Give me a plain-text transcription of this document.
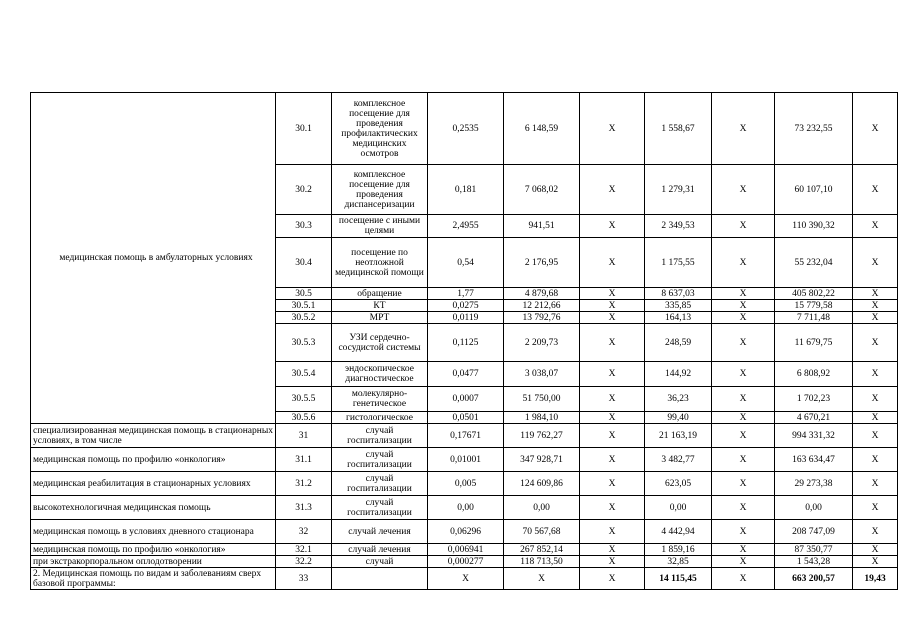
медицинская помощь в амбулаторных условиях	30.1	комплексное посещение для проведения профилактических медицинских осмотров	0,2535	6 148,59	X	1 558,67	X	73 232,55	X
	30.2	комплексное посещение для проведения диспансеризации	0,181	7 068,02	X	1 279,31	X	60 107,10	X
	30.3	посещение с иными целями	2,4955	941,51	X	2 349,53	X	110 390,32	X
	30.4	посещение по неотложной медицинской помощи	0,54	2 176,95	X	1 175,55	X	55 232,04	X
	30.5	обращение	1,77	4 879,68	X	8 637,03	X	405 802,22	X
	30.5.1	КТ	0,0275	12 212,66	X	335,85	X	15 779,58	X
	30.5.2	МРТ	0,0119	13 792,76	X	164,13	X	7 711,48	X
	30.5.3	УЗИ сердечно-сосудистой системы	0,1125	2 209,73	X	248,59	X	11 679,75	X
	30.5.4	эндоскопическое диагностическое	0,0477	3 038,07	X	144,92	X	6 808,92	X
	30.5.5	молекулярно-генетическое	0,0007	51 750,00	X	36,23	X	1 702,23	X
	30.5.6	гистологическое	0,0501	1 984,10	X	99,40	X	4 670,21	X
специализированная медицинская помощь в стационарных условиях, в том числе	31	случай госпитализации	0,17671	119 762,27	X	21 163,19	X	994 331,32	X
медицинская помощь по профилю «онкология»	31.1	случай госпитализации	0,01001	347 928,71	X	3 482,77	X	163 634,47	X
медицинская реабилитация в стационарных условиях	31.2	случай госпитализации	0,005	124 609,86	X	623,05	X	29 273,38	X
высокотехнологичная медицинская помощь	31.3	случай госпитализации	0,00	0,00	X	0,00	X	0,00	X
медицинская помощь в условиях дневного стационара	32	случай лечения	0,06296	70 567,68	X	4 442,94	X	208 747,09	X
медицинская помощь по профилю «онкология»	32.1	случай лечения	0,006941	267 852,14	X	1 859,16	X	87 350,77	X
при экстракорпоральном оплодотворении	32.2	случай	0,000277	118 713,50	X	32,85	X	1 543,28	X
2. Медицинская помощь по видам и заболеваниям сверх базовой программы:	33		X	X	X	14 115,45	X	663 200,57	19,43
